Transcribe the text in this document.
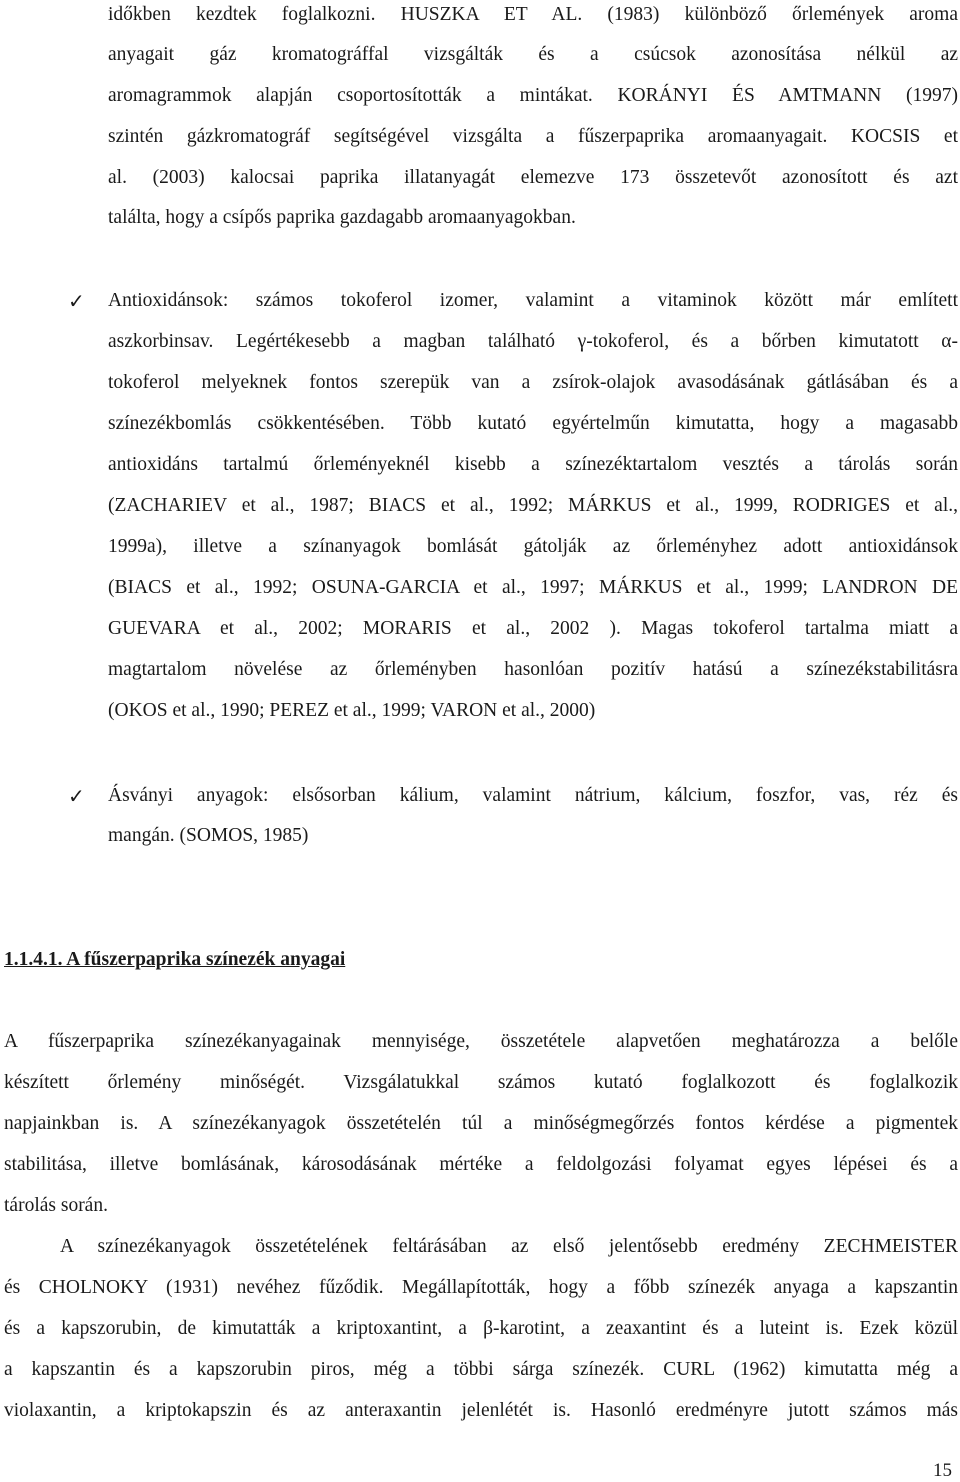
időkben kezdtek foglalkozni. HUSZKA ET AL. (1983) különböző őrlemények aroma
anyagait gáz kromatográffal vizsgálták és a csúcsok azonosítása nélkül az
aromagrammok alapján csoportosították a mintákat. KORÁNYI ÉS AMTMANN (1997)
szintén gázkromatográf segítségével vizsgálta a fűszerpaprika aromaanyagait. KOCSIS et
al. (2003) kalocsai paprika illatanyagát elemezve 173 összetevőt azonosított és azt
találta, hogy a csípős paprika gazdagabb aromaanyagokban.
✓ Antioxidánsok: számos tokoferol izomer, valamint a vitaminok között már említett
aszkorbinsav. Legértékesebb a magban található γ-tokoferol, és a bőrben kimutatott α-
tokoferol melyeknek fontos szerepük van a zsírok-olajok avasodásának gátlásában és a
színezékbomlás csökkentésében. Több kutató egyértelműn kimutatta, hogy a magasabb
antioxidáns tartalmú őrleményeknél kisebb a színezéktartalom vesztés a tárolás során
(ZACHARIEV et al., 1987; BIACS et al., 1992; MÁRKUS et al., 1999, RODRIGES et al.,
1999a), illetve a színanyagok bomlását gátolják az őrleményhez adott antioxidánsok
(BIACS et al., 1992; OSUNA-GARCIA et al., 1997; MÁRKUS et al., 1999; LANDRON DE
GUEVARA et al., 2002; MORARIS et al., 2002 ). Magas tokoferol tartalma miatt a
magtartalom növelése az őrleményben hasonlóan pozitív hatású a színezékstabilitásra
(OKOS et al., 1990; PEREZ et al., 1999; VARON et al., 2000)
✓ Ásványi anyagok: elsősorban kálium, valamint nátrium, kálcium, foszfor, vas, réz és
mangán. (SOMOS, 1985)
1.1.4.1. A fűszerpaprika színezék anyagai
A fűszerpaprika színezékanyagainak mennyisége, összetétele alapvetően meghatározza a belőle
készített őrlemény minőségét. Vizsgálatukkal számos kutató foglalkozott és foglalkozik
napjainkban is. A színezékanyagok összetételén túl a minőségmegőrzés fontos kérdése a pigmentek
stabilitása, illetve bomlásának, károsodásának mértéke a feldolgozási folyamat egyes lépései és a
tárolás során.
A színezékanyagok összetételének feltárásában az első jelentősebb eredmény ZECHMEISTER
és CHOLNOKY (1931) nevéhez fűződik. Megállapították, hogy a főbb színezék anyaga a kapszantin
és a kapszorubin, de kimutatták a kriptoxantint, a β-karotint, a zeaxantint és a luteint is. Ezek közül
a kapszantin és a kapszorubin piros, még a többi sárga színezék. CURL (1962) kimutatta még a
violaxantin, a kriptokapszin és az anteraxantin jelenlétét is. Hasonló eredményre jutott számos más
15
